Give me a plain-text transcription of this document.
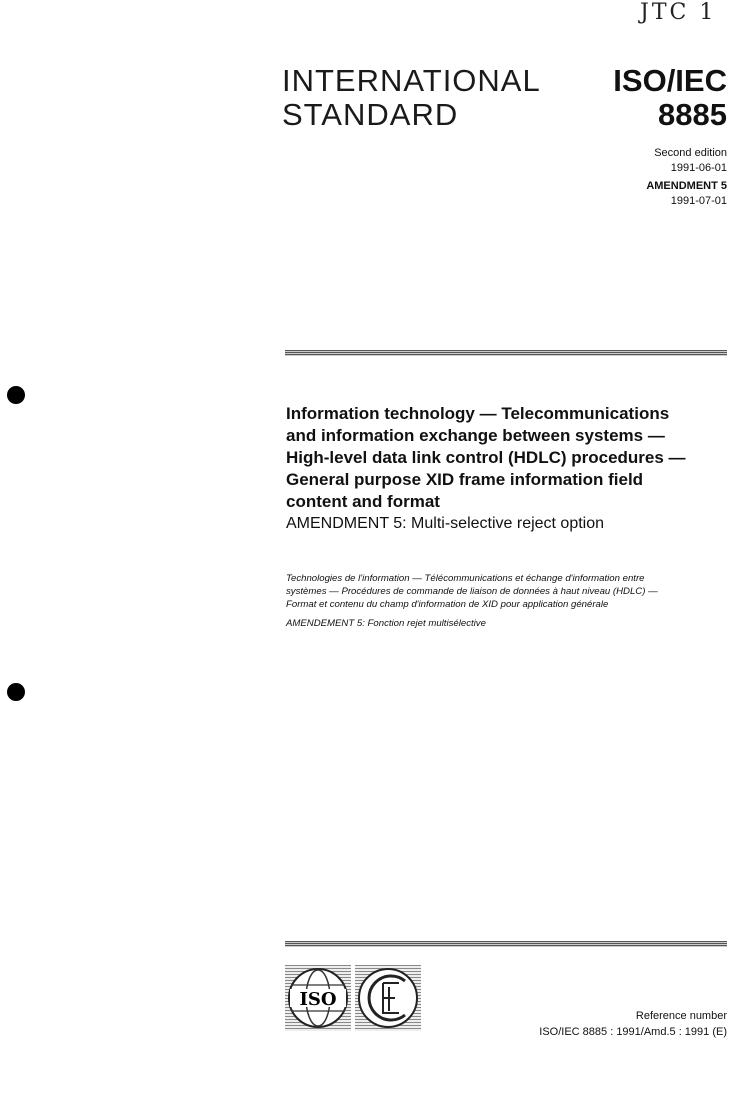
JTC 1
INTERNATIONAL
STANDARD
ISO/IEC
8885
Second edition
1991-06-01
AMENDMENT 5
1991-07-01
Information technology — Telecommunications
and information exchange between systems —
High-level data link control (HDLC) procedures —
General purpose XID frame information field
content and format
AMENDMENT 5: Multi-selective reject option
Technologies de l'information — Télécommunications et échange d'information entre
systèmes — Procédures de commande de liaison de données à haut niveau (HDLC) —
Format et contenu du champ d'information de XID pour application générale
AMENDEMENT 5: Fonction rejet multisélective
ISO
Reference number
ISO/IEC 8885 : 1991/Amd.5 : 1991 (E)
